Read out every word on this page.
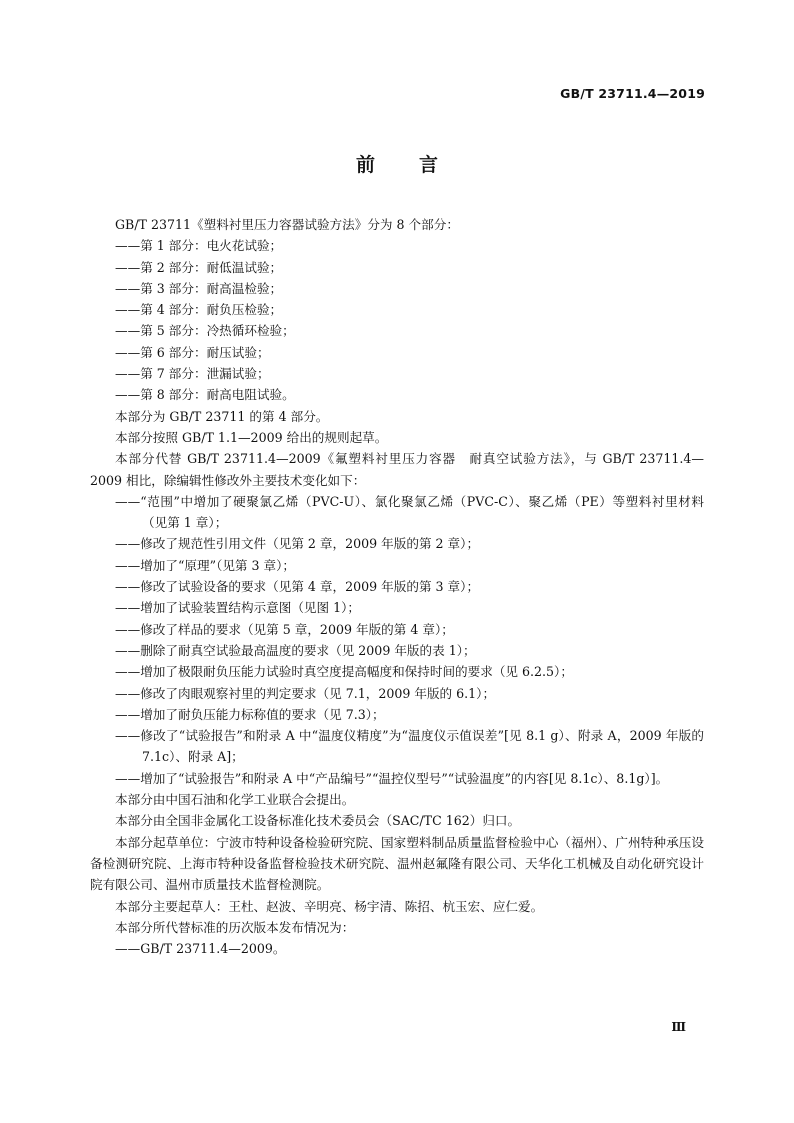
GB/T 23711.4—2019
前 言

GB/T 23711《塑料衬里压力容器试验方法》分为 8 个部分：

——第 1 部分：电火花试验；

——第 2 部分：耐低温试验；

——第 3 部分：耐高温检验；

——第 4 部分：耐负压检验；

——第 5 部分：冷热循环检验；

——第 6 部分：耐压试验；

——第 7 部分：泄漏试验；

——第 8 部分：耐高电阻试验。

本部分为 GB/T 23711 的第 4 部分。

本部分按照 GB/T 1.1—2009 给出的规则起草。

本部分代替 GB/T 23711.4—2009《氟塑料衬里压力容器　耐真空试验方法》，与 GB/T 23711.4—2009 相比，除编辑性修改外主要技术变化如下：

——“范围”中增加了硬聚氯乙烯（PVC-U）、氯化聚氯乙烯（PVC-C）、聚乙烯（PE）等塑料衬里材料（见第 1 章）；

——修改了规范性引用文件（见第 2 章，2009 年版的第 2 章）；

——增加了“原理”（见第 3 章）；

——修改了试验设备的要求（见第 4 章，2009 年版的第 3 章）；

——增加了试验装置结构示意图（见图 1）；

——修改了样品的要求（见第 5 章，2009 年版的第 4 章）；

——删除了耐真空试验最高温度的要求（见 2009 年版的表 1）；

——增加了极限耐负压能力试验时真空度提高幅度和保持时间的要求（见 6.2.5）；

——修改了肉眼观察衬里的判定要求（见 7.1，2009 年版的 6.1）；

——增加了耐负压能力标称值的要求（见 7.3）；

——修改了“试验报告”和附录 A 中“温度仪精度”为“温度仪示值误差”[见 8.1 g）、附录 A，2009 年版的 7.1c）、附录 A]；

——增加了“试验报告”和附录 A 中“产品编号”“温控仪型号”“试验温度”的内容[见 8.1c）、8.1g）]。

本部分由中国石油和化学工业联合会提出。

本部分由全国非金属化工设备标准化技术委员会（SAC/TC 162）归口。

本部分起草单位：宁波市特种设备检验研究院、国家塑料制品质量监督检验中心（福州）、广州特种承压设备检测研究院、上海市特种设备监督检验技术研究院、温州赵氟隆有限公司、天华化工机械及自动化研究设计院有限公司、温州市质量技术监督检测院。

本部分主要起草人：王杜、赵波、辛明亮、杨宇清、陈招、杭玉宏、应仁爱。

本部分所代替标准的历次版本发布情况为：

——GB/T 23711.4—2009。

Ⅲ
